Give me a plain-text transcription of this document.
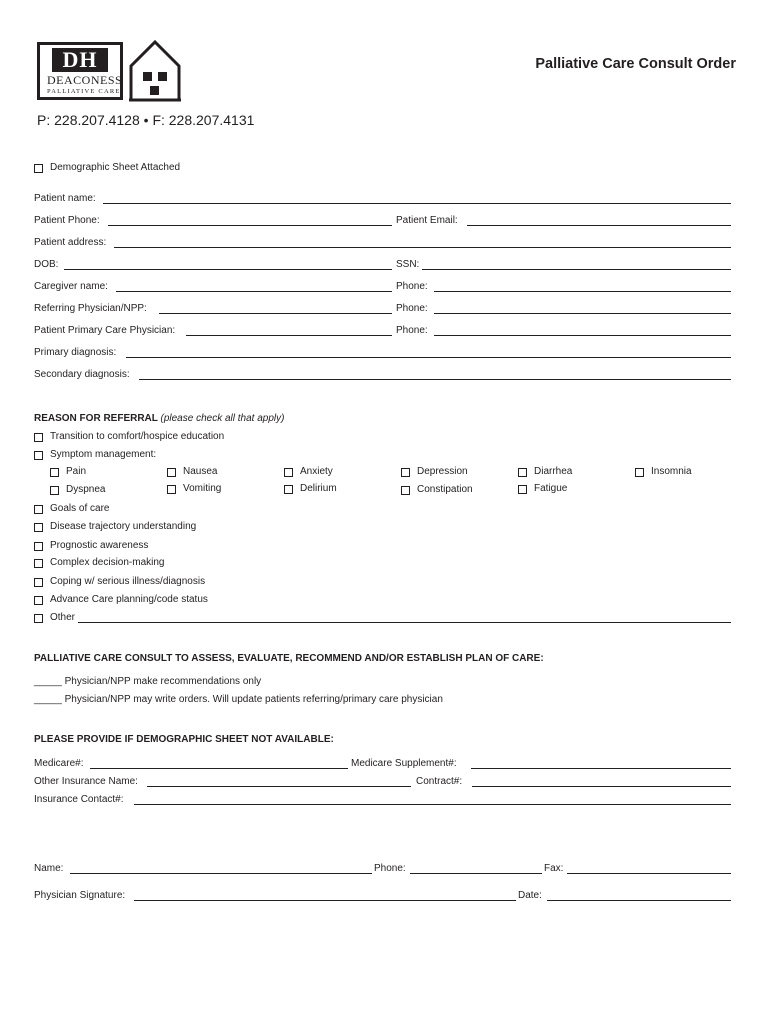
DH
DEACONESS
PALLIATIVE CARE
Palliative Care Consult Order
P: 228.207.4128 • F: 228.207.4131
Demographic Sheet Attached
Patient name:
Patient Phone:	Patient Email:
Patient address:
DOB:	SSN:
Caregiver name:	Phone:
Referring Physician/NPP:	Phone:
Patient Primary Care Physician:	Phone:
Primary diagnosis:
Secondary diagnosis:
REASON FOR REFERRAL (please check all that apply)
Transition to comfort/hospice education
Symptom management:
Pain	Nausea	Anxiety	Depression	Diarrhea	Insomnia
Dyspnea	Vomiting	Delirium	Constipation	Fatigue
Goals of care
Disease trajectory understanding
Prognostic awareness
Complex decision-making
Coping w/ serious illness/diagnosis
Advance Care planning/code status
Other
PALLIATIVE CARE CONSULT TO ASSESS, EVALUATE, RECOMMEND AND/OR ESTABLISH PLAN OF CARE:
_____ Physician/NPP make recommendations only
_____ Physician/NPP may write orders. Will update patients referring/primary care physician
PLEASE PROVIDE IF DEMOGRAPHIC SHEET NOT AVAILABLE:
Medicare#:	Medicare Supplement#:
Other Insurance Name:	Contract#:
Insurance Contact#:
Name:	Phone:	Fax:
Physician Signature:	Date:
